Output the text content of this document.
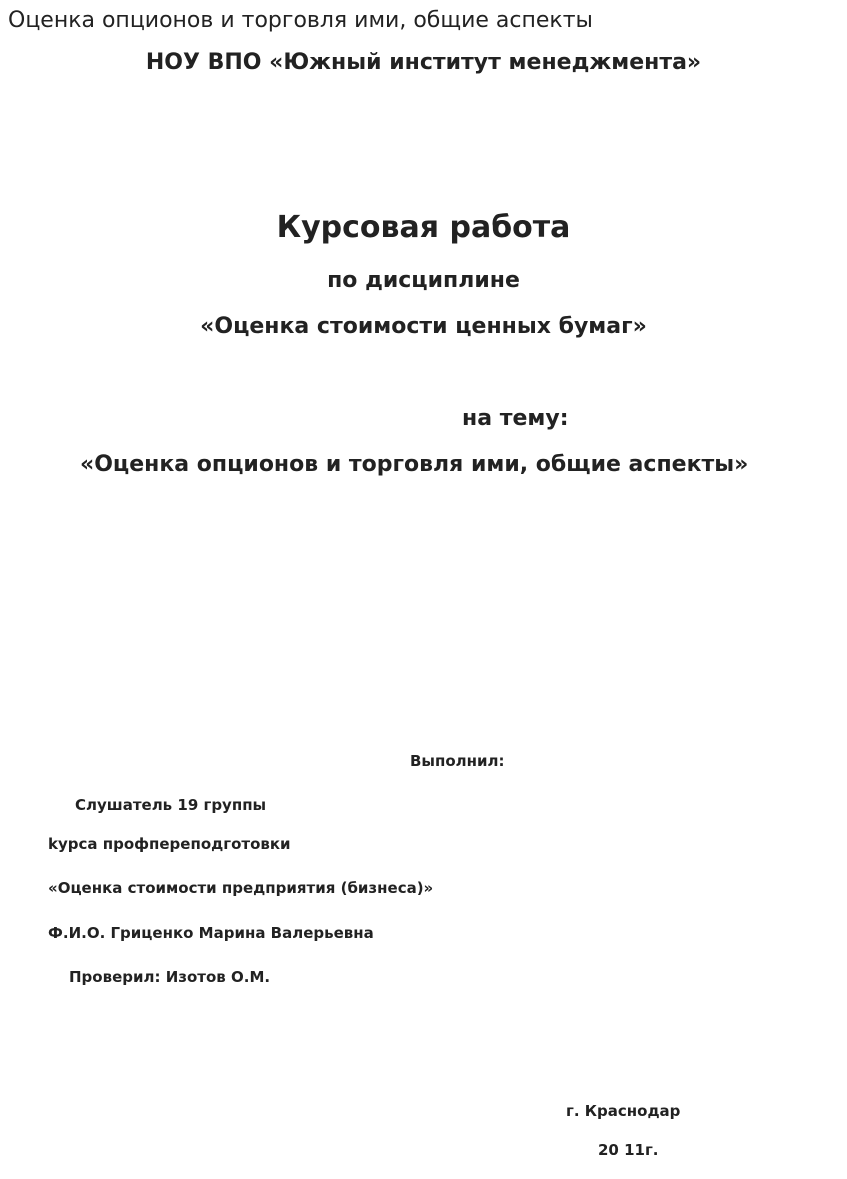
Оценка опционов и торговля ими, общие аспекты
НОУ ВПО «Южный институт менеджмента»
Курсовая работа
по дисциплине
«Оценка стоимости ценных бумаг»
на тему:
«Оценка опционов и торговля ими, общие аспекты»
Выполнил:
Слушатель 19 группы
kурса профпереподготовки
«Оценка стоимости предприятия (бизнеса)»
Ф.И.О. Гриценко Марина Валерьевна
Проверил: Изотов О.М.
г. Краснодар
20 11г.
